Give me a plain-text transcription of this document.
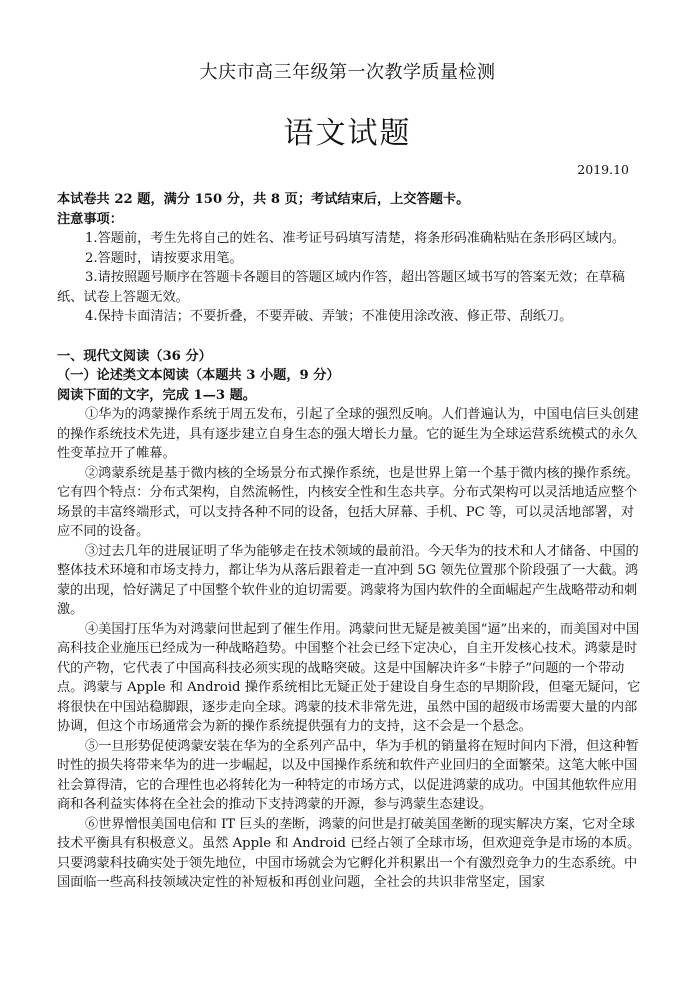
大庆市高三年级第一次教学质量检测
语文试题
2019.10

本试卷共 22 题，满分 150 分，共 8 页；考试结束后，上交答题卡。

注意事项：

1.答题前，考生先将自己的姓名、准考证号码填写清楚，将条形码准确粘贴在条形码区域内。

2.答题时，请按要求用笔。

3.请按照题号顺序在答题卡各题目的答题区域内作答，超出答题区域书写的答案无效；在草稿纸、试卷上答题无效。

4.保持卡面清洁；不要折叠，不要弄破、弄皱；不准使用涂改液、修正带、刮纸刀。

一、现代文阅读（36 分）

（一）论述类文本阅读（本题共 3 小题，9 分）

阅读下面的文字，完成 1—3 题。

①华为的鸿蒙操作系统于周五发布，引起了全球的强烈反响。人们普遍认为，中国电信巨头创建的操作系统技术先进，具有逐步建立自身生态的强大增长力量。它的诞生为全球运营系统模式的永久性变革拉开了帷幕。

②鸿蒙系统是基于微内核的全场景分布式操作系统，也是世界上第一个基于微内核的操作系统。它有四个特点：分布式架构，自然流畅性，内核安全性和生态共享。分布式架构可以灵活地适应整个场景的丰富终端形式，可以支持各种不同的设备，包括大屏幕、手机、PC 等，可以灵活地部署，对应不同的设备。

③过去几年的进展证明了华为能够走在技术领域的最前沿。今天华为的技术和人才储备、中国的整体技术环境和市场支持力，都让华为从落后跟着走一直冲到 5G 领先位置那个阶段强了一大截。鸿蒙的出现，恰好满足了中国整个软件业的迫切需要。鸿蒙将为国内软件的全面崛起产生战略带动和刺激。

④美国打压华为对鸿蒙问世起到了催生作用。鸿蒙问世无疑是被美国“逼”出来的，而美国对中国高科技企业施压已经成为一种战略趋势。中国整个社会已经下定决心，自主开发核心技术。鸿蒙是时代的产物，它代表了中国高科技必须实现的战略突破。这是中国解决许多“卡脖子”问题的一个带动点。鸿蒙与 Apple 和 Android 操作系统相比无疑正处于建设自身生态的早期阶段，但毫无疑问，它将很快在中国站稳脚跟，逐步走向全球。鸿蒙的技术非常先进，虽然中国的超级市场需要大量的内部协调，但这个市场通常会为新的操作系统提供强有力的支持，这不会是一个悬念。

⑤一旦形势促使鸿蒙安装在华为的全系列产品中，华为手机的销量将在短时间内下滑，但这种暂时性的损失将带来华为的进一步崛起，以及中国操作系统和软件产业回归的全面繁荣。这笔大帐中国社会算得清，它的合理性也必将转化为一种特定的市场方式，以促进鸿蒙的成功。中国其他软件应用商和各利益实体将在全社会的推动下支持鸿蒙的开源，参与鸿蒙生态建设。

⑥世界憎恨美国电信和 IT 巨头的垄断，鸿蒙的问世是打破美国垄断的现实解决方案，它对全球技术平衡具有积极意义。虽然 Apple 和 Android 已经占领了全球市场，但欢迎竞争是市场的本质。只要鸿蒙科技确实处于领先地位，中国市场就会为它孵化并积累出一个有激烈竞争力的生态系统。中国面临一些高科技领域决定性的补短板和再创业问题，全社会的共识非常坚定，国家
